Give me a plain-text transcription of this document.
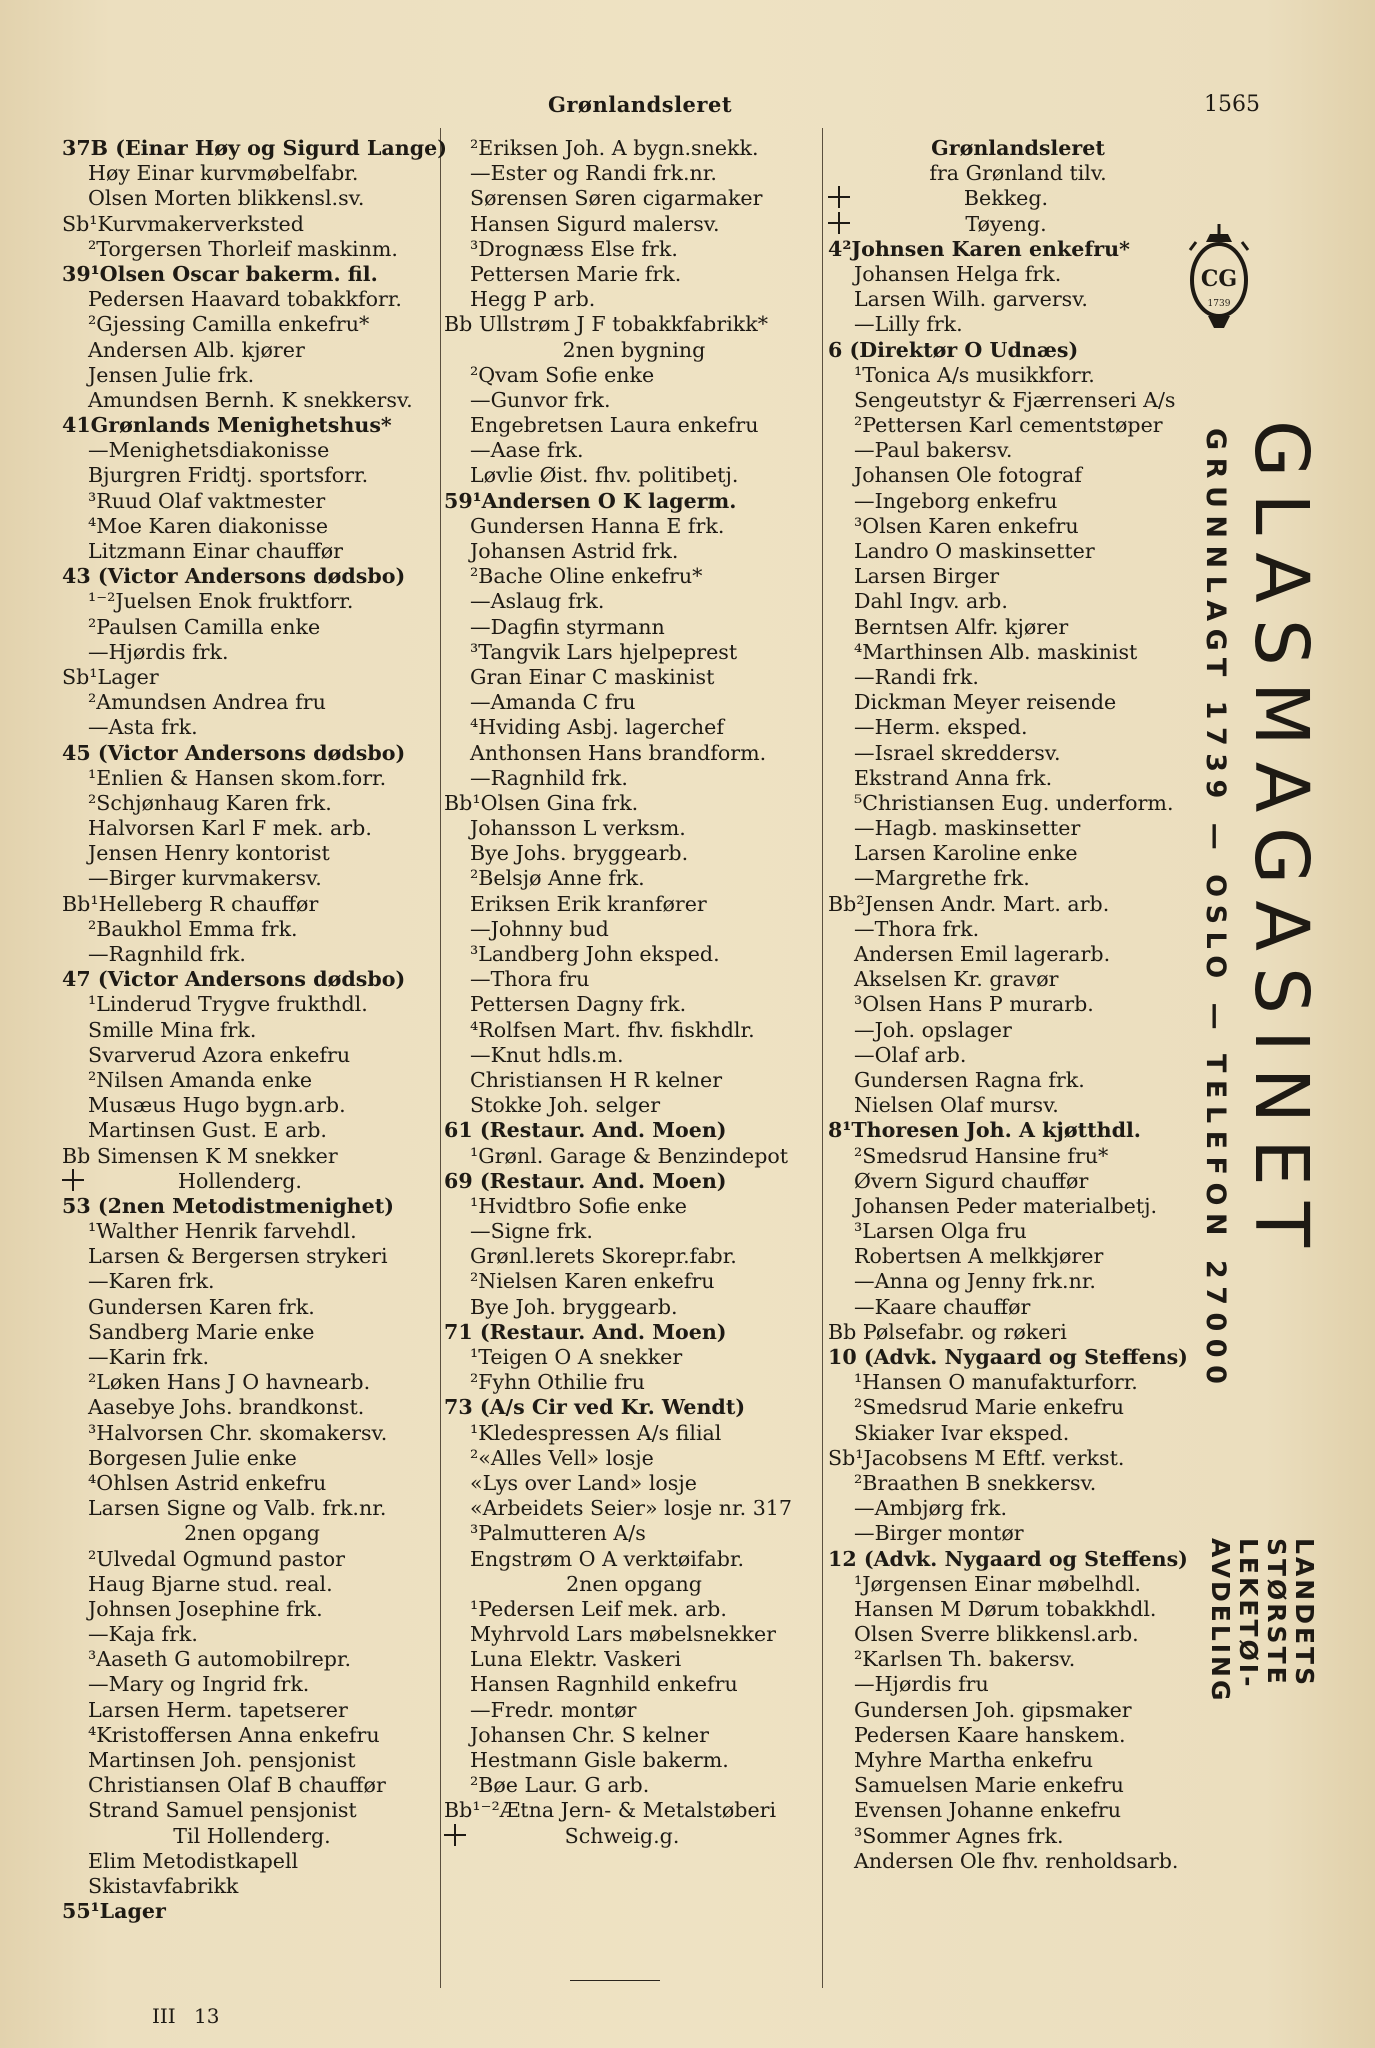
Grønlandsleret	1565
37B (Einar Høy og Sigurd Lange)
Høy Einar kurvmøbelfabr.
Olsen Morten blikkensl.sv.
Sb¹Kurvmakerverksted
²Torgersen Thorleif maskinm.
39¹Olsen Oscar bakerm. fil.
Pedersen Haavard tobakkforr.
²Gjessing Camilla enkefru*
Andersen Alb. kjører
Jensen Julie frk.
Amundsen Bernh. K snekkersv.
41Grønlands Menighetshus*
—Menighetsdiakonisse
Bjurgren Fridtj. sportsforr.
³Ruud Olaf vaktmester
⁴Moe Karen diakonisse
Litzmann Einar chauffør
43 (Victor Andersons dødsbo)
¹⁻²Juelsen Enok fruktforr.
²Paulsen Camilla enke
—Hjørdis frk.
Sb¹Lager
²Amundsen Andrea fru
—Asta frk.
45 (Victor Andersons dødsbo)
¹Enlien & Hansen skom.forr.
²Schjønhaug Karen frk.
Halvorsen Karl F mek. arb.
Jensen Henry kontorist
—Birger kurvmakersv.
Bb¹Helleberg R chauffør
²Baukhol Emma frk.
—Ragnhild frk.
47 (Victor Andersons dødsbo)
¹Linderud Trygve frukthdl.
Smille Mina frk.
Svarverud Azora enkefru
²Nilsen Amanda enke
Musæus Hugo bygn.arb.
Martinsen Gust. E arb.
Bb Simensen K M snekker
Hollenderg.
53 (2nen Metodistmenighet)
¹Walther Henrik farvehdl.
Larsen & Bergersen strykeri
—Karen frk.
Gundersen Karen frk.
Sandberg Marie enke
—Karin frk.
²Løken Hans J O havnearb.
Aasebye Johs. brandkonst.
³Halvorsen Chr. skomakersv.
Borgesen Julie enke
⁴Ohlsen Astrid enkefru
Larsen Signe og Valb. frk.nr.
2nen opgang
²Ulvedal Ogmund pastor
Haug Bjarne stud. real.
Johnsen Josephine frk.
—Kaja frk.
³Aaseth G automobilrepr.
—Mary og Ingrid frk.
Larsen Herm. tapetserer
⁴Kristoffersen Anna enkefru
Martinsen Joh. pensjonist
Christiansen Olaf B chauffør
Strand Samuel pensjonist
Til Hollenderg.
Elim Metodistkapell
Skistavfabrikk
55¹Lager
²Eriksen Joh. A bygn.snekk.
—Ester og Randi frk.nr.
Sørensen Søren cigarmaker
Hansen Sigurd malersv.
³Drognæss Else frk.
Pettersen Marie frk.
Hegg P arb.
Bb Ullstrøm J F tobakkfabrikk*
2nen bygning
²Qvam Sofie enke
—Gunvor frk.
Engebretsen Laura enkefru
—Aase frk.
Løvlie Øist. fhv. politibetj.
59¹Andersen O K lagerm.
Gundersen Hanna E frk.
Johansen Astrid frk.
²Bache Oline enkefru*
—Aslaug frk.
—Dagfin styrmann
³Tangvik Lars hjelpeprest
Gran Einar C maskinist
—Amanda C fru
⁴Hviding Asbj. lagerchef
Anthonsen Hans brandform.
—Ragnhild frk.
Bb¹Olsen Gina frk.
Johansson L verksm.
Bye Johs. bryggearb.
²Belsjø Anne frk.
Eriksen Erik kranfører
—Johnny bud
³Landberg John eksped.
—Thora fru
Pettersen Dagny frk.
⁴Rolfsen Mart. fhv. fiskhdlr.
—Knut hdls.m.
Christiansen H R kelner
Stokke Joh. selger
61 (Restaur. And. Moen)
¹Grønl. Garage & Benzindepot
69 (Restaur. And. Moen)
¹Hvidtbro Sofie enke
—Signe frk.
Grønl.lerets Skorepr.fabr.
²Nielsen Karen enkefru
Bye Joh. bryggearb.
71 (Restaur. And. Moen)
¹Teigen O A snekker
²Fyhn Othilie fru
73 (A/s Cir ved Kr. Wendt)
¹Kledespressen A/s filial
²«Alles Vell» losje
«Lys over Land» losje
«Arbeidets Seier» losje nr. 317
³Palmutteren A/s
Engstrøm O A verktøifabr.
2nen opgang
¹Pedersen Leif mek. arb.
Myhrvold Lars møbelsnekker
Luna Elektr. Vaskeri
Hansen Ragnhild enkefru
—Fredr. montør
Johansen Chr. S kelner
Hestmann Gisle bakerm.
²Bøe Laur. G arb.
Bb¹⁻²Ætna Jern- & Metalstøberi
Schweig.g.
Grønlandsleret
fra Grønland tilv.
Bekkeg.
Tøyeng.
4²Johnsen Karen enkefru*
Johansen Helga frk.
Larsen Wilh. garversv.
—Lilly frk.
6 (Direktør O Udnæs)
¹Tonica A/s musikkforr.
Sengeutstyr & Fjærrenseri A/s
²Pettersen Karl cementstøper
—Paul bakersv.
Johansen Ole fotograf
—Ingeborg enkefru
³Olsen Karen enkefru
Landro O maskinsetter
Larsen Birger
Dahl Ingv. arb.
Berntsen Alfr. kjører
⁴Marthinsen Alb. maskinist
—Randi frk.
Dickman Meyer reisende
—Herm. eksped.
—Israel skreddersv.
Ekstrand Anna frk.
⁵Christiansen Eug. underform.
—Hagb. maskinsetter
Larsen Karoline enke
—Margrethe frk.
Bb²Jensen Andr. Mart. arb.
—Thora frk.
Andersen Emil lagerarb.
Akselsen Kr. gravør
³Olsen Hans P murarb.
—Joh. opslager
—Olaf arb.
Gundersen Ragna frk.
Nielsen Olaf mursv.
8¹Thoresen Joh. A kjøtthdl.
²Smedsrud Hansine fru*
Øvern Sigurd chauffør
Johansen Peder materialbetj.
³Larsen Olga fru
Robertsen A melkkjører
—Anna og Jenny frk.nr.
—Kaare chauffør
Bb Pølsefabr. og røkeri
10 (Advk. Nygaard og Steffens)
¹Hansen O manufakturforr.
²Smedsrud Marie enkefru
Skiaker Ivar eksped.
Sb¹Jacobsens M Eftf. verkst.
²Braathen B snekkersv.
—Ambjørg frk.
—Birger montør
12 (Advk. Nygaard og Steffens)
¹Jørgensen Einar møbelhdl.
Hansen M Dørum tobakkhdl.
Olsen Sverre blikkensl.arb.
²Karlsen Th. bakersv.
—Hjørdis fru
Gundersen Joh. gipsmaker
Pedersen Kaare hanskem.
Myhre Martha enkefru
Samuelsen Marie enkefru
Evensen Johanne enkefru
³Sommer Agnes frk.
Andersen Ole fhv. renholdsarb.
III 13
CG
1739
GLASMAGASINET
GRUNNLAGT 1739 — OSLO — TELEFON 27000
LANDETS
STØRSTE
LEKETØI-
AVDELING
